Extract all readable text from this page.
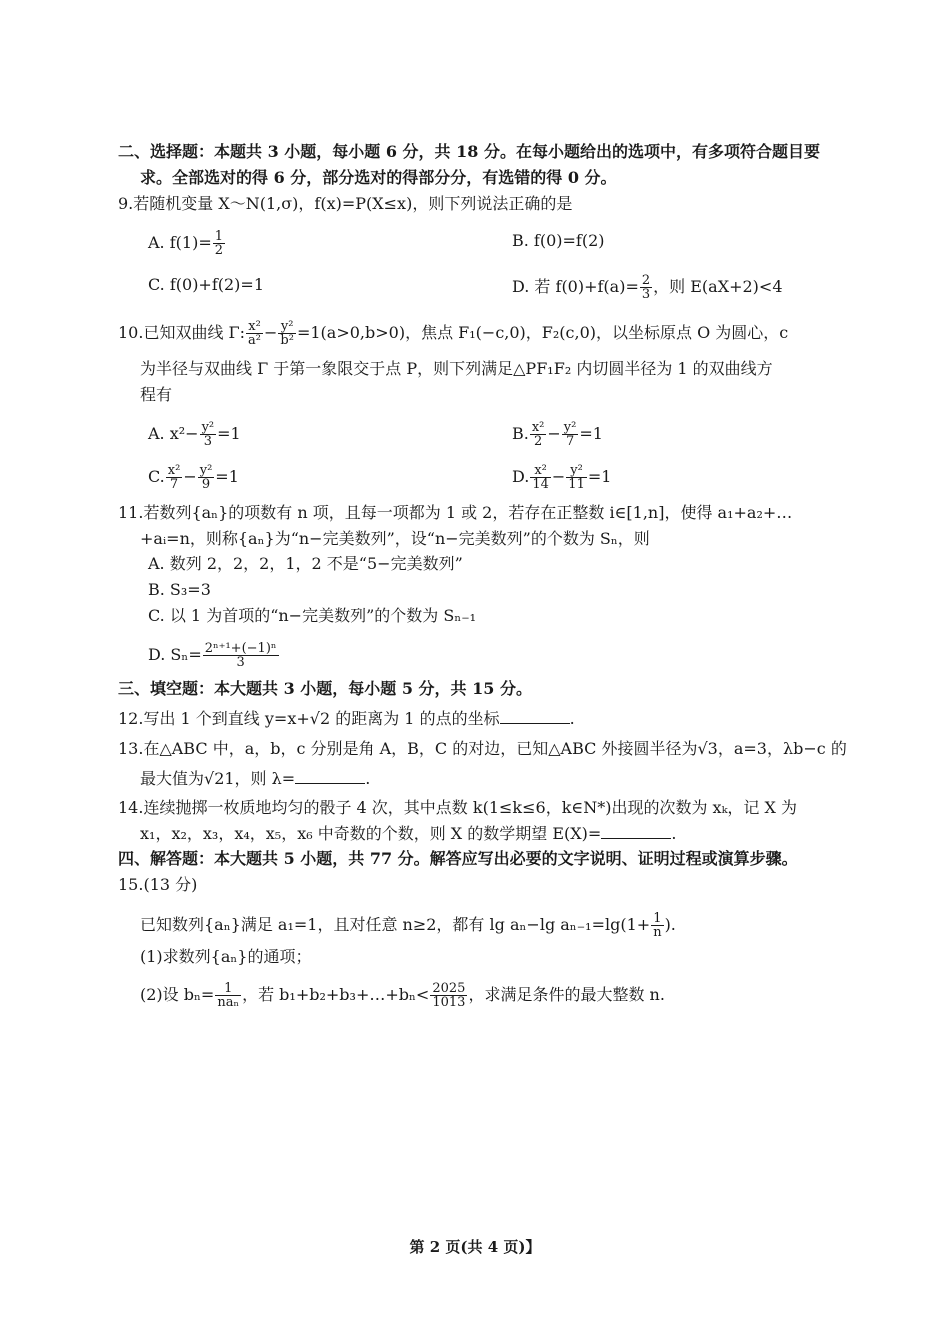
二、选择题：本题共 3 小题，每小题 6 分，共 18 分。在每小题给出的选项中，有多项符合题目要
求。全部选对的得 6 分，部分选对的得部分分，有选错的得 0 分。
9.若随机变量 X～N(1,σ)，f(x)=P(X≤x)，则下列说法正确的是
A. $f(1)= \frac{1}{2}$	B. f(0)=f(2)
C. f(0)+f(2)=1	D. 若 $f(0)+f(a)= \frac{2}{3}$ ，则 E(aX+2)<4
10.已知双曲线 Γ: $\frac{\text{x²}}{\text{a²}} - \frac{\text{y²}}{\text{b²}} =1(a>0,b>0)$，焦点 F₁(−c,0)，F₂(c,0)，以坐标原点 O 为圆心，c
为半径与双曲线 Γ 于第一象限交于点 P，则下列满足△PF₁F₂ 内切圆半径为 1 的双曲线方
程有
A. $x^2- \frac{\text{y²}}{3} =1$	B. $\frac{\text{x²}}{2} - \frac{\text{y²}}{7} =1$
C. $\frac{\text{x²}}{7} - \frac{\text{y²}}{9} =1$	D. $\frac{\text{x²}}{14} - \frac{\text{y²}}{11} =1$
11.若数列{aₙ}的项数有 n 项，且每一项都为 1 或 2，若存在正整数 i∈[1,n]，使得 a₁+a₂+…
+aᵢ=n，则称{aₙ}为“n−完美数列”，设“n−完美数列”的个数为 Sₙ，则
A. 数列 2，2，2，1，2 不是“5−完美数列”
B. S₃=3
C. 以 1 为首项的“n−完美数列”的个数为 Sₙ₋₁
D. $S_n= \frac{\text{2ⁿ⁺¹+(−1)ⁿ}}{3}$
三、填空题：本大题共 3 小题，每小题 5 分，共 15 分。
12.写出 1 个到直线 y=x+√2 的距离为 1 的点的坐标	.
13.在△ABC 中，a，b，c 分别是角 A，B，C 的对边，已知△ABC 外接圆半径为√3，a=3，λb−c 的
最大值为√21，则 λ=	.
14.连续抛掷一枚质地均匀的骰子 4 次，其中点数 k(1≤k≤6，k∈N*)出现的次数为 xₖ，记 X 为
x₁，x₂，x₃，x₄，x₅，x₆ 中奇数的个数，则 X 的数学期望 E(X)=	.
四、解答题：本大题共 5 小题，共 77 分。解答应写出必要的文字说明、证明过程或演算步骤。
15.(13 分)
已知数列{aₙ}满足 a₁=1，且对任意 n≥2，都有 lg aₙ−lg $a_{n-1}=\lg(1+ \frac{1}{n}$ ).
(1)求数列{aₙ}的通项；
(2)设 $b_n= \frac{1}{\text{naₙ}}$ ，若 b₁+b₂+b₃+…+bₙ< $\frac{2025}{1013}$ ，求满足条件的最大整数 n.
第 2 页(共 4 页)】
